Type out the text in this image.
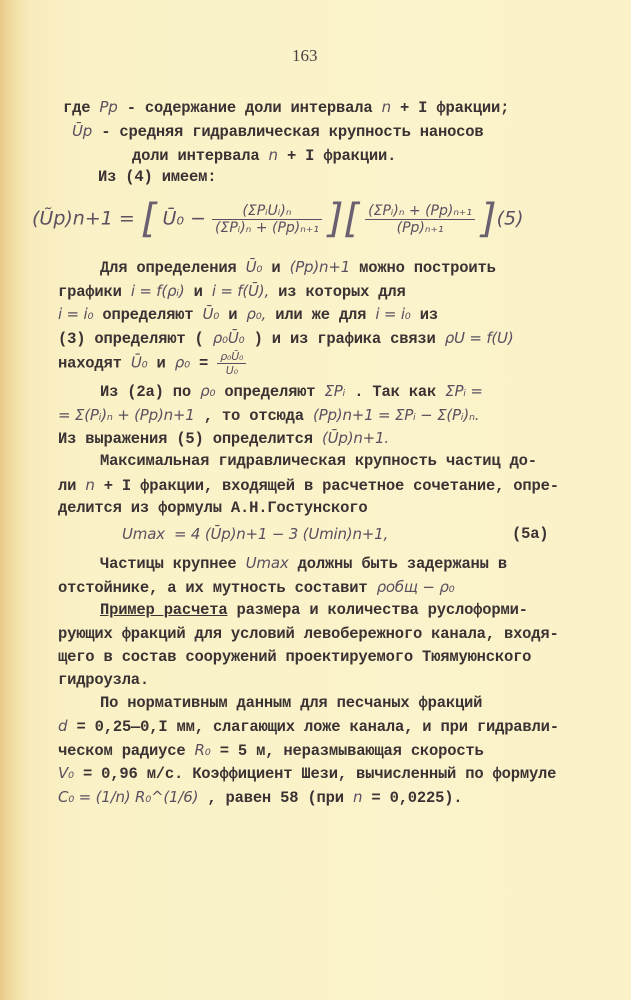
163
где Pp - содержание доли интервала n + I фракции;
Ūp - средняя гидравлическая крупность наносов
доли интервала n + I фракции.
Из (4) имеем:
(Ũp)n+1 = [ Ū₀ − $\frac{\text{(ΣPᵢUᵢ)ₙ}}{\text{(ΣPᵢ)ₙ + (Pp)ₙ₊₁}}$ ][ $\frac{\text{(ΣPᵢ)ₙ + (Pp)ₙ₊₁}}{\text{(Pp)ₙ₊₁}} ](5)$
Для определения Ū₀ и (Pp)n+1 можно построить
графики i = f(ρᵢ) и i = f(Ū), из которых для
i = i₀ определяют Ū₀ и ρ₀, или же для i = i₀ из
(3) определяют ( ρ₀Ū₀ ) и из графика связи ρU = f(U)
находят Ū₀ и $\rho_0 = \frac{\text{ρ₀Ū₀}}{\text{U₀}}$
Из (2а) по ρ₀ определяют ΣPᵢ . Так как ΣPᵢ =
= Σ(Pᵢ)ₙ + (Pp)n+1 , то отсюда (Pp)n+1 = ΣPᵢ − Σ(Pᵢ)ₙ.
Из выражения (5) определится (Ūp)n+1.
Максимальная гидравлическая крупность частиц до-
ли n + I фракции, входящей в расчетное сочетание, опре-
делится из формулы А.Н.Гостунского
Umax = 4 (Ūp)n+1 − 3 (Umin)n+1,	(5а)
Частицы крупнее Umax должны быть задержаны в
отстойнике, а их мутность составит ρобщ − ρ₀
Пример расчета размера и количества руслоформи-
рующих фракций для условий левобережного канала, входя-
щего в состав сооружений проектируемого Тюямуюнского
гидроузла.
По нормативным данным для песчаных фракций
d = 0,25—0,I мм, слагающих ложе канала, и при гидравли-
ческом радиусе R₀ = 5 м, неразмывающая скорость
V₀ = 0,96 м/с. Коэффициент Шези, вычисленный по формуле
C₀ = (1/n) R₀^(1/6) , равен 58 (при n = 0,0225).
